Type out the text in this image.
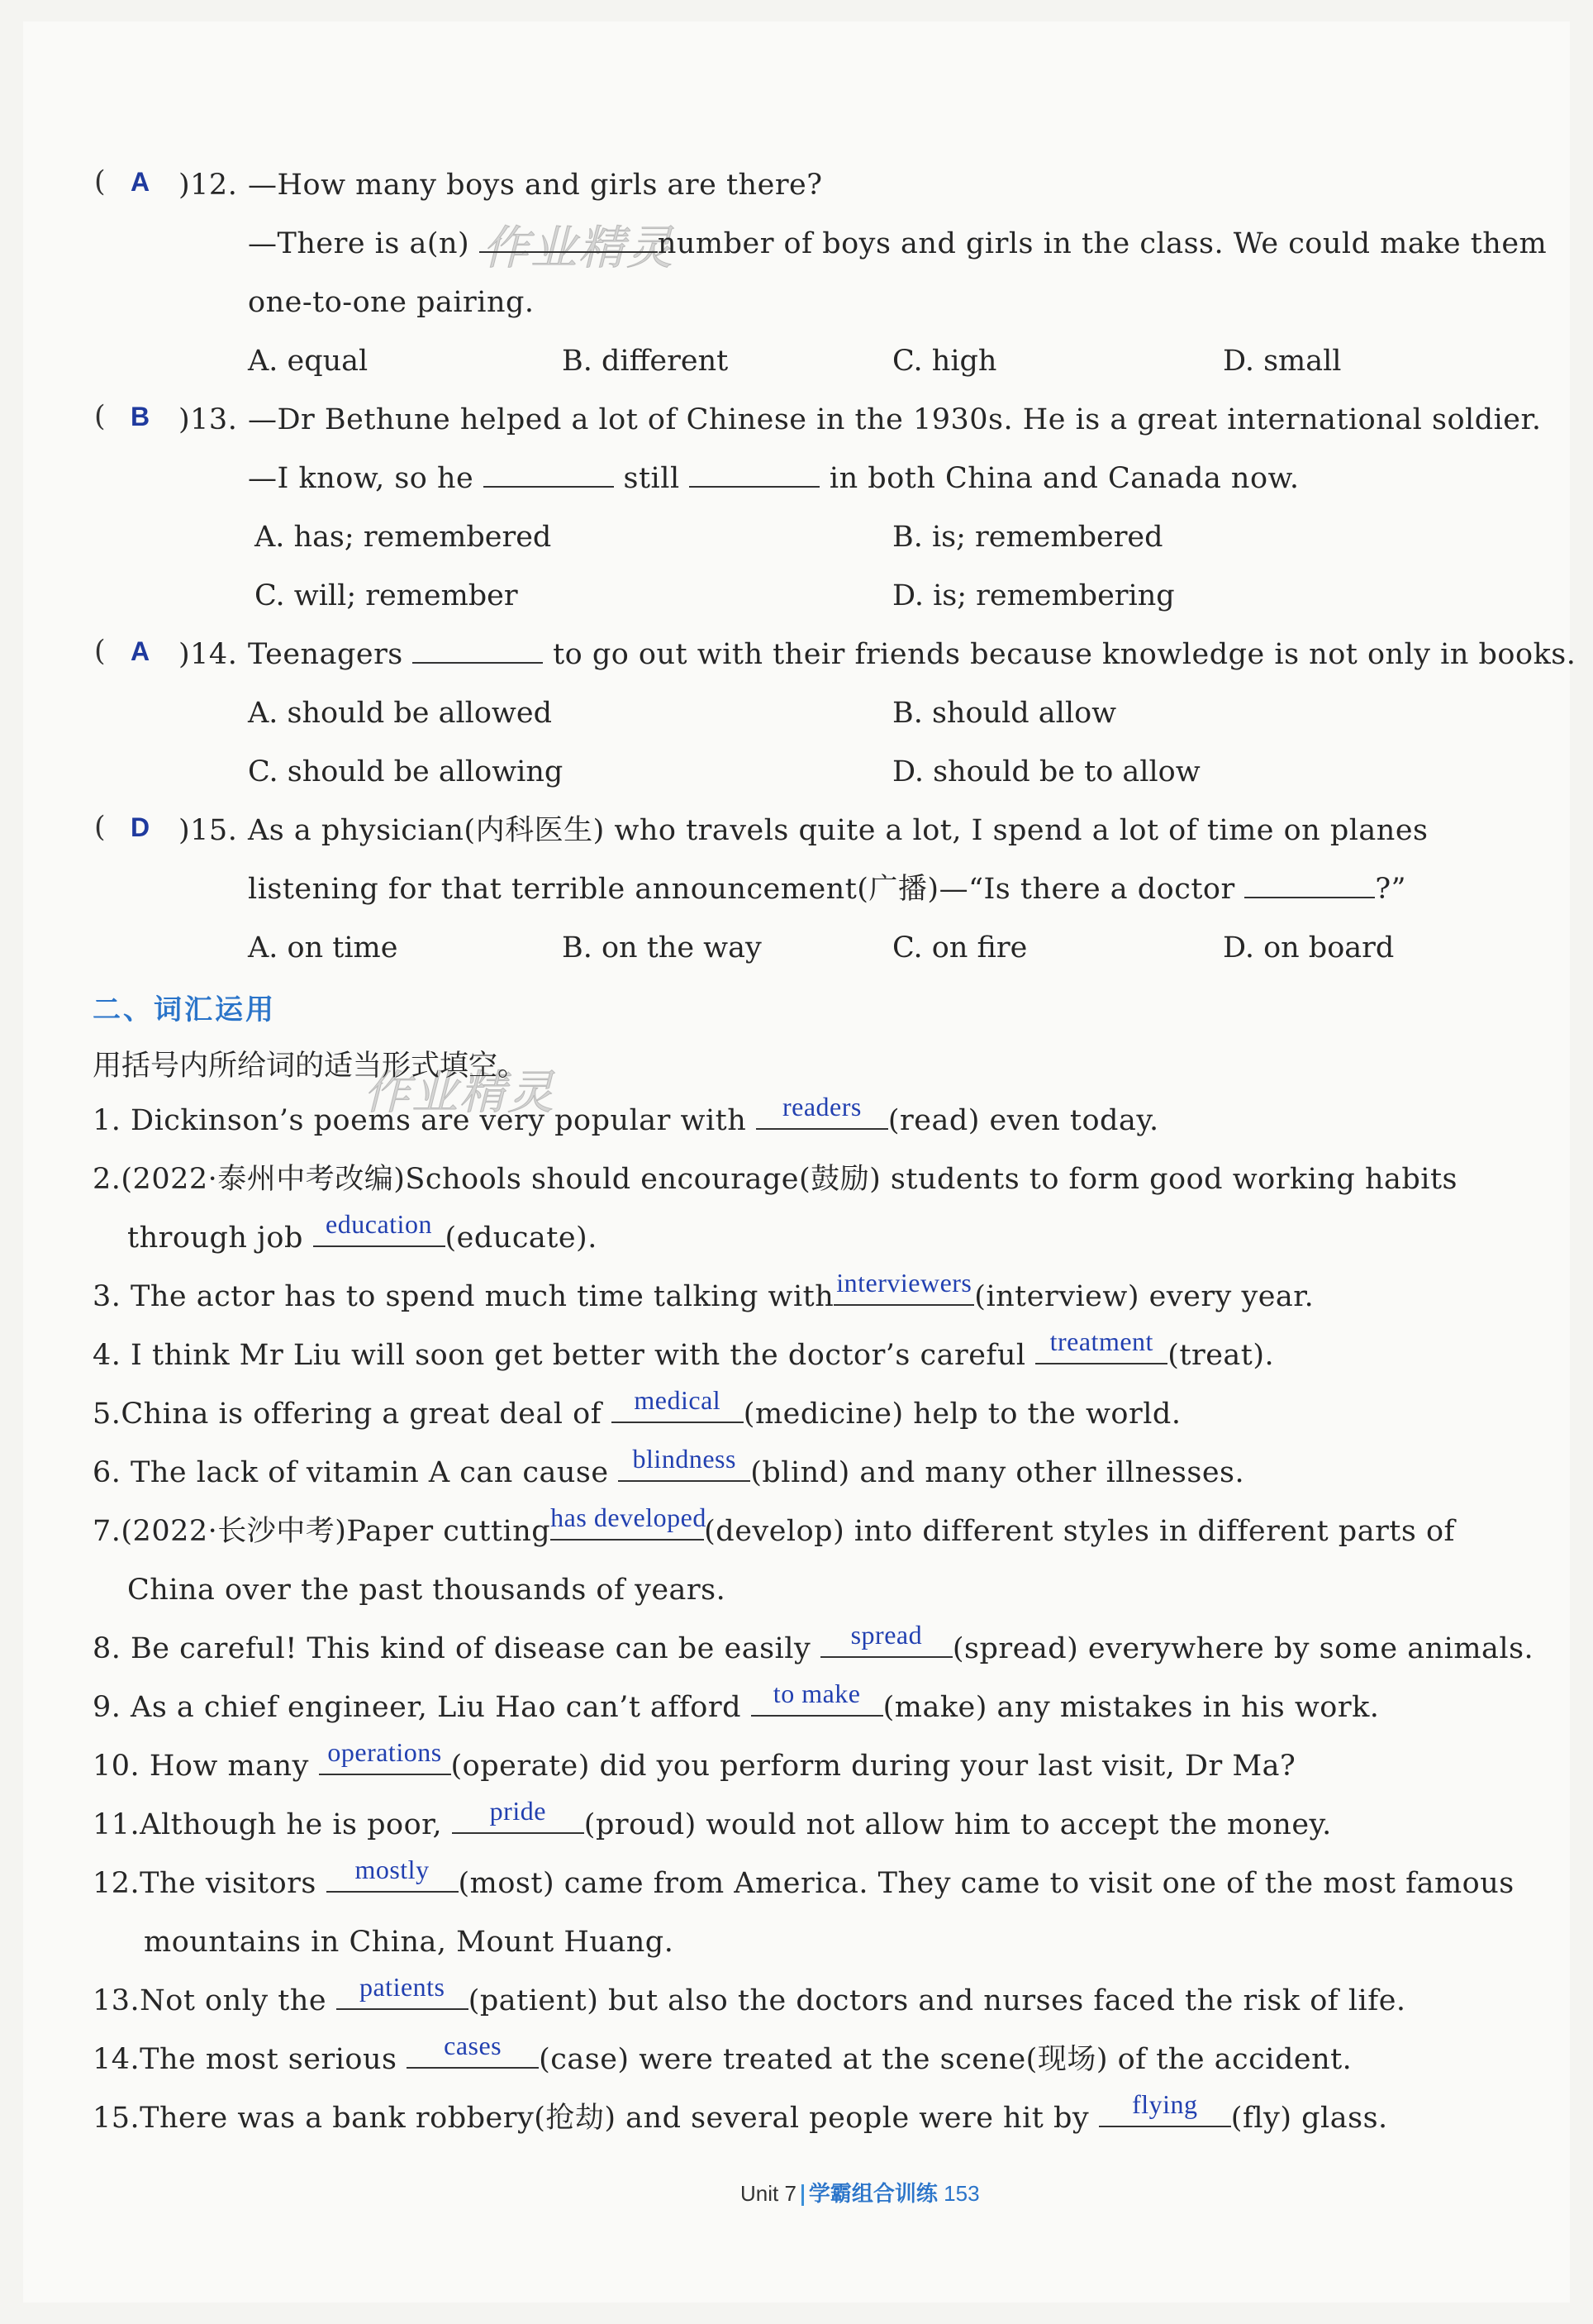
作业精灵
作业精灵
( A )12. —How many boys and girls are there?
—There is a(n)	number of boys and girls in the class. We could make them
one-to-one pairing.
A. equal	B. different	C. high	D. small
( B )13. —Dr Bethune helped a lot of Chinese in the 1930s. He is a great international soldier.
—I know, so he	still	in both China and Canada now.
A. has; remembered	B. is; remembered
C. will; remember	D. is; remembering
( A )14. Teenagers	to go out with their friends because knowledge is not only in books.
A. should be allowed	B. should allow
C. should be allowing	D. should be to allow
( D )15. As a physician(内科医生) who travels quite a lot, I spend a lot of time on planes
listening for that terrible announcement(广播)—“Is there a doctor	?”
A. on time	B. on the way	C. on fire	D. on board
二、词汇运用
用括号内所给词的适当形式填空。
1. Dickinson’s poems are very popular with	readers (read) even today.
2.(2022·泰州中考改编)Schools should encourage(鼓励) students to form good working habits
through job education (educate).
3. The actor has to spend much time talking with interviewers (interview) every year.
4. I think Mr Liu will soon get better with the doctor’s careful treatment (treat).
5.China is offering a great deal of	medical (medicine) help to the world.
6. The lack of vitamin A can cause blindness (blind) and many other illnesses.
7.(2022·长沙中考)Paper cutting has developed
(develop) into different styles in different parts of
China over the past thousands of years.
8. Be careful! This kind of disease can be easily	spread	(spread) everywhere by some animals.
9. As a chief engineer, Liu Hao can’t afford	to make (make) any mistakes in his work.
10. How many operations (operate) did you perform during your last visit, Dr Ma?
11.Although he is poor,	pride	(proud) would not allow him to accept the money.
12.The visitors	mostly (most) came from America. They came to visit one of the most famous
mountains in China, Mount Huang.
13.Not only the	patients (patient) but also the doctors and nurses faced the risk of life.
14.The most serious	cases	(case) were treated at the scene(现场) of the accident.
15.There was a bank robbery(抢劫) and several people were hit by	flying	(fly) glass.
Unit 7 学霸组合训练 153
